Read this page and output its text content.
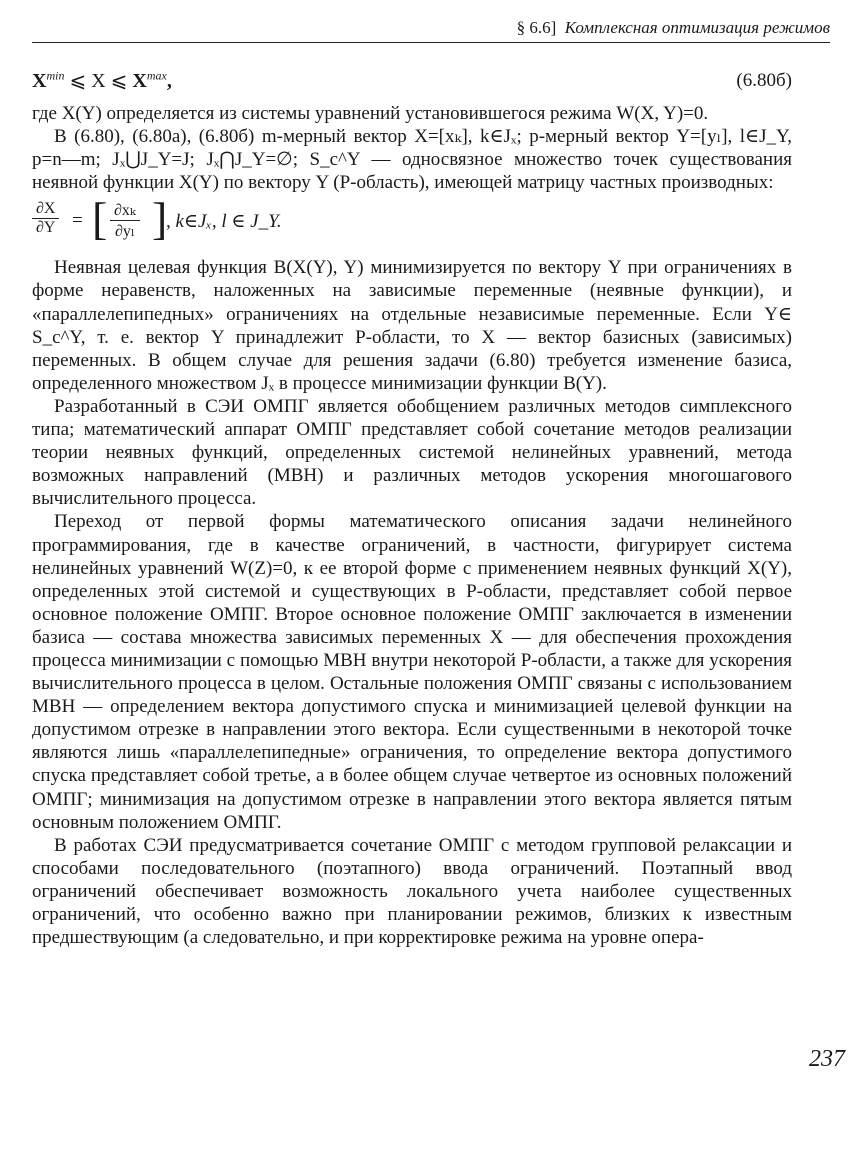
§ 6.6] Комплексная оптимизация режимов
$X^{min}$ ⩽ X ⩽ $X^{max}$,	(6.80б)

где X(Y) определяется из системы уравнений установившегося режима W(X, Y)=0.

В (6.80), (6.80а), (6.80б) m-мерный вектор X=[xₖ], k∈Jₓ; p-мерный вектор Y=[yₗ], l∈J_Y, p=n—m; Jₓ⋃J_Y=J; Jₓ⋂J_Y=∅; S_c^Y — односвязное множество точек существования неявной функции X(Y) по вектору Y (P-область), имеющей матрицу частных производных:

$\frac{\partial X}{\partial Y}$ = [ $\frac{\text{∂xₖ}}{\text{∂yₗ}}$ ]
, k∈Jₓ, l ∈ J_Y.

Неявная целевая функция B(X(Y), Y) минимизируется по вектору Y при ограничениях в форме неравенств, наложенных на зависимые переменные (неявные функции), и «параллелепипедных» ограничениях на отдельные независимые переменные. Если Y∈ S_c^Y, т. е. вектор Y принадлежит P-области, то X — вектор базисных (зависимых) переменных. В общем случае для решения задачи (6.80) требуется изменение базиса, определенного множеством Jₓ в процессе минимизации функции B(Y).

Разработанный в СЭИ ОМПГ является обобщением различных методов симплексного типа; математический аппарат ОМПГ представляет собой сочетание методов реализации теории неявных функций, определенных системой нелинейных уравнений, метода возможных направлений (МВН) и различных методов ускорения многошагового вычислительного процесса.

Переход от первой формы математического описания задачи нелинейного программирования, где в качестве ограничений, в частности, фигурирует система нелинейных уравнений W(Z)=0, к ее второй форме с применением неявных функций X(Y), определенных этой системой и существующих в P-области, представляет собой первое основное положение ОМПГ. Второе основное положение ОМПГ заключается в изменении базиса — состава множества зависимых переменных X — для обеспечения прохождения процесса минимизации с помощью МВН внутри некоторой P-области, а также для ускорения вычислительного процесса в целом. Остальные положения ОМПГ связаны с использованием МВН — определением вектора допустимого спуска и минимизацией целевой функции на допустимом отрезке в направлении этого вектора. Если существенными в некоторой точке являются лишь «параллелепипедные» ограничения, то определение вектора допустимого спуска представляет собой третье, а в более общем случае четвертое из основных положений ОМПГ; минимизация на допустимом отрезке в направлении этого вектора является пятым основным положением ОМПГ.

В работах СЭИ предусматривается сочетание ОМПГ с методом групповой релаксации и способами последовательного (поэтапного) ввода ограничений. Поэтапный ввод ограничений обеспечивает возможность локального учета наиболее существенных ограничений, что особенно важно при планировании режимов, близких к известным предшествующим (а следовательно, и при корректировке режима на уровне опера-

237
